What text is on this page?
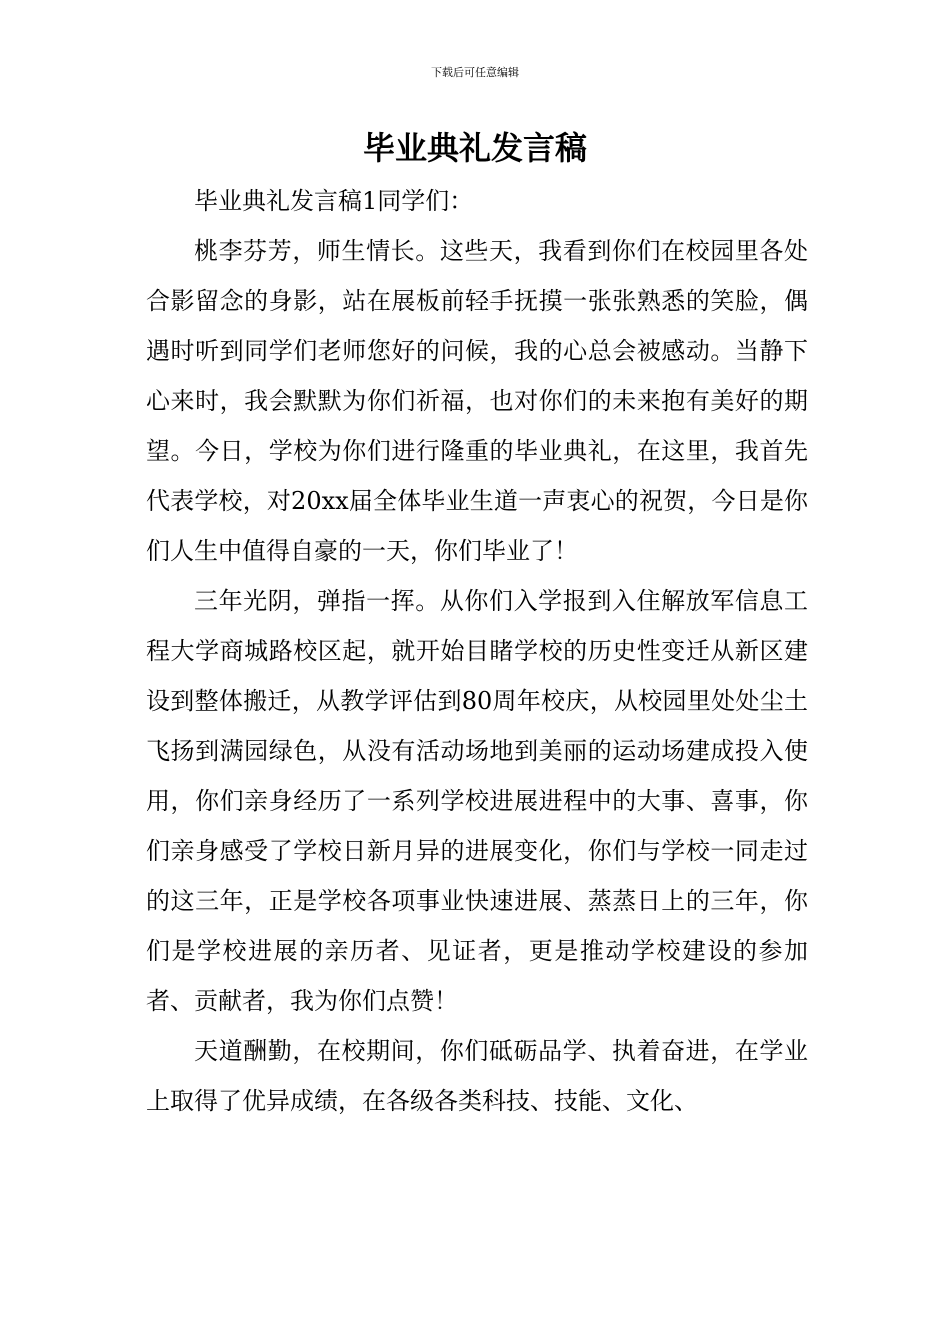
下载后可任意编辑
毕业典礼发言稿

毕业典礼发言稿1同学们：

桃李芬芳，师生情长。这些天，我看到你们在校园里各处合影留念的身影，站在展板前轻手抚摸一张张熟悉的笑脸，偶遇时听到同学们老师您好的问候，我的心总会被感动。当静下心来时，我会默默为你们祈福，也对你们的未来抱有美好的期望。今日，学校为你们进行隆重的毕业典礼，在这里，我首先代表学校，对20xx届全体毕业生道一声衷心的祝贺，今日是你们人生中值得自豪的一天，你们毕业了！

三年光阴，弹指一挥。从你们入学报到入住解放军信息工程大学商城路校区起，就开始目睹学校的历史性变迁从新区建设到整体搬迁，从教学评估到80周年校庆，从校园里处处尘土飞扬到满园绿色，从没有活动场地到美丽的运动场建成投入使用，你们亲身经历了一系列学校进展进程中的大事、喜事，你们亲身感受了学校日新月异的进展变化，你们与学校一同走过的这三年，正是学校各项事业快速进展、蒸蒸日上的三年，你们是学校进展的亲历者、见证者，更是推动学校建设的参加者、贡献者，我为你们点赞！

天道酬勤，在校期间，你们砥砺品学、执着奋进，在学业上取得了优异成绩，在各级各类科技、技能、文化、
